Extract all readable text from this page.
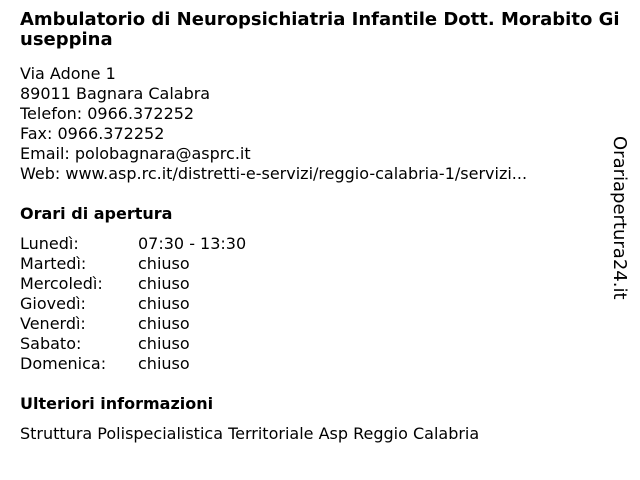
Ambulatorio di Neuropsichiatria Infantile Dott. Morabito Giuseppina
Via Adone 1
89011 Bagnara Calabra
Telefon: 0966.372252
Fax: 0966.372252
Email: polobagnara@asprc.it
Web: www.asp.rc.it/distretti-e-servizi/reggio-calabria-1/servizi...
Orari di apertura
Lunedì:	07:30 - 13:30
Martedì:	chiuso
Mercoledì: chiuso
Giovedì:	chiuso
Venerdì:	chiuso
Sabato:	chiuso
Domenica: chiuso
Ulteriori informazioni
Struttura Polispecialistica Territoriale Asp Reggio Calabria
Orariapertura24.it
